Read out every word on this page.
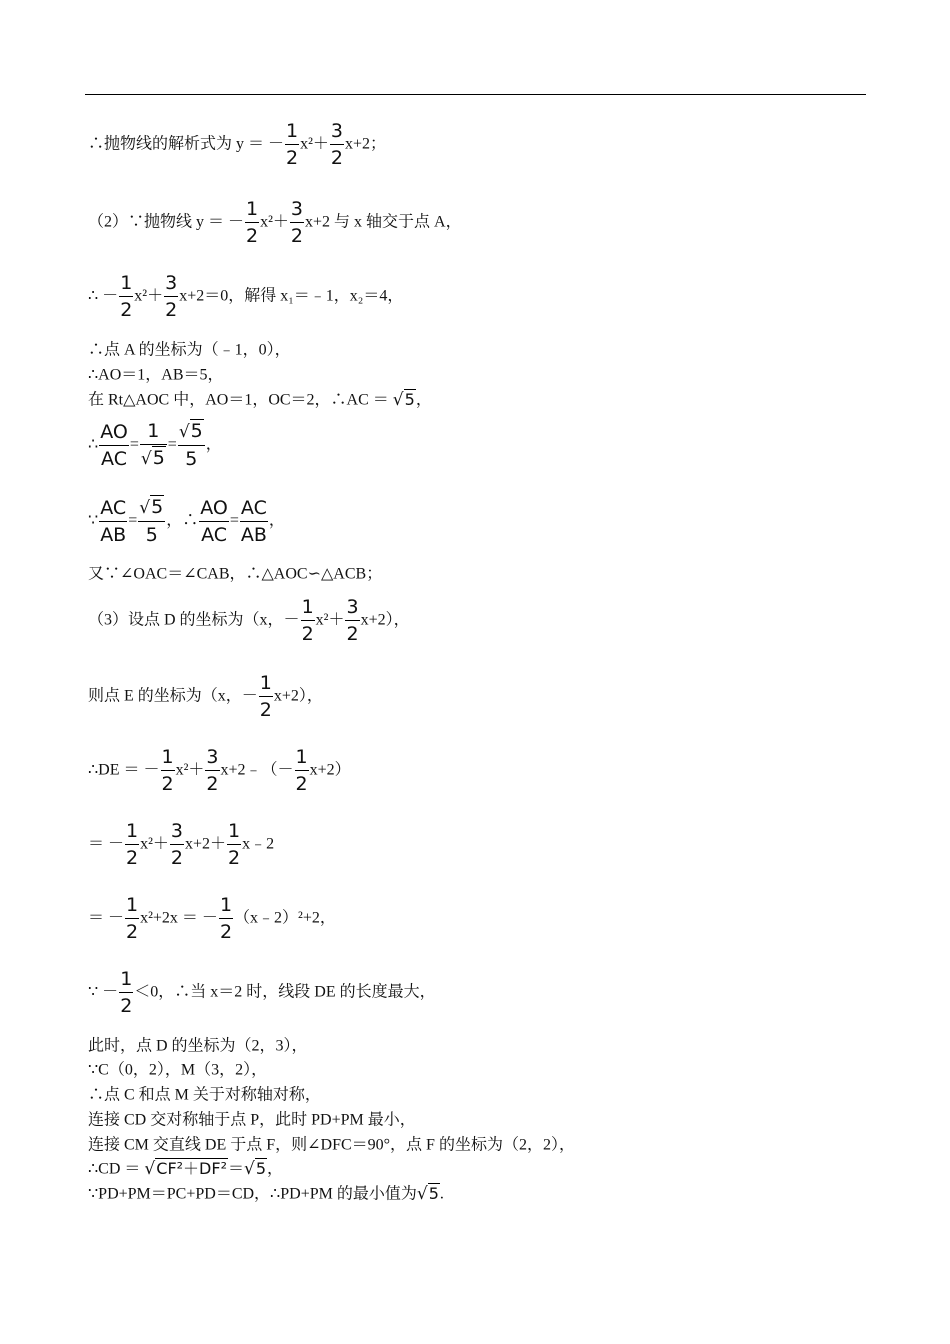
∴抛物线的解析式为 y ＝ － $\frac{1}{2} x^2+ \frac{3}{2} x+2$；
（2）∵抛物线 y ＝ － $\frac{1}{2} x^2+ \frac{3}{2} x+2$ 与 x 轴交于点 A，
∴ － $\frac{1}{2} x^2+ \frac{3}{2} x+2=0$，解得 x₁＝﹣1，x₂＝4，
∴点 A 的坐标为（﹣1，0），
∴AO＝1，AB＝5，
在 Rt△AOC 中，AO＝1，OC＝2，∴AC ＝ √5，
∴ $\frac{AO}{AC} = \frac{1}{√5} = \frac{√5}{5}$ ，
∵ $\frac{AC}{AB} = \frac{√5}{5}$ ，∴ $\frac{AO}{AC} = \frac{AC}{AB}$ ，
又∵∠OAC＝∠CAB，∴△AOC∽△ACB；
（3）设点 D 的坐标为（x，－ $\frac{1}{2} x^2+ \frac{3}{2} x+2$），
则点 E 的坐标为（x，－ $\frac{1}{2} x+2$），
∴DE ＝ － $\frac{1}{2} x^2+ \frac{3}{2}$ x+2﹣（－ $\frac{1}{2} x+2$）
＝ － $\frac{1}{2} x^2+ \frac{3}{2} x+2+ \frac{1}{2}$ x﹣2
＝ － $\frac{1}{2} x^2+2x$ ＝ － $\frac{1}{2}$ （x﹣2）²+2，
∵ － $\frac{1}{2} <0$，∴当 x＝2 时，线段 DE 的长度最大，
此时，点 D 的坐标为（2，3），
∵C（0，2），M（3，2），
∴点 C 和点 M 关于对称轴对称，
连接 CD 交对称轴于点 P，此时 PD+PM 最小，
连接 CM 交直线 DE 于点 F，则∠DFC＝90°，点 F 的坐标为（2，2），
∴CD ＝ √CF²＋DF²＝√5，
∵PD+PM＝PC+PD＝CD，∴PD+PM 的最小值为√5.
